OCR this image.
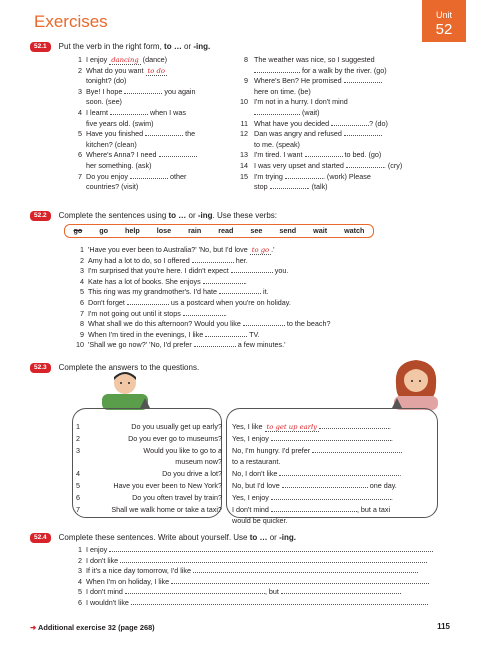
Exercises	Unit
52
52.1	Put the verb in the right form, to … or -ing.
1 I enjoy dancing (dance)
2 What do you want to do
tonight? (do)
3 Bye! I hope	you again
soon. (see)
4 I learnt	when I was
five years old. (swim)
5 Have you finished	the
kitchen? (clean)
6 Where's Anna? I need
her something. (ask)
7 Do you enjoy	other
countries? (visit)
8 The weather was nice, so I suggested
for a walk by the river. (go)
9 Where's Ben? He promised
here on time. (be)
10 I'm not in a hurry. I don't mind
(wait)
11 What have you decided	? (do)
12 Dan was angry and refused
to me. (speak)
13 I'm tired. I want	to bed. (go)
14 I was very upset and started	. (cry)
15 I'm trying	. (work) Please
stop	. (talk)
52.2	Complete the sentences using to … or -ing. Use these verbs:
go go help lose rain read see send wait watch
1 'Have you ever been to Australia?' 'No, but I'd love to go .'
2 Amy had a lot to do, so I offered	her.
3 I'm surprised that you're here. I didn't expect	you.
4 Kate has a lot of books. She enjoys	.
5 This ring was my grandmother's. I'd hate	it.
6 Don't forget	us a postcard when you're on holiday.
7 I'm not going out until it stops	.
8 What shall we do this afternoon? Would you like	to the beach?
9 When I'm tired in the evenings, I like	TV.
10 'Shall we go now?' 'No, I'd prefer	a few minutes.'
52.3	Complete the answers to the questions.
1	Do you usually get up early?
2	Do you ever go to museums?
3	Would you like to go to a
museum now?
4	Do you drive a lot?
5	Have you ever been to New York?
6	Do you often travel by train?
7	Shall we walk home or take a taxi?
Yes, I like to get up early	.
Yes, I enjoy	.
No, I'm hungry. I'd prefer
to a restaurant.
No, I don't like	.
No, but I'd love	one day.
Yes, I enjoy	.
I don't mind	, but a taxi
would be quicker.
52.4	Complete these sentences. Write about yourself. Use to … or -ing.
1 I enjoy
2 I don't like
3 If it's a nice day tomorrow, I'd like
4 When I'm on holiday, I like
5 I don't mind	, but
6 I wouldn't like
➜ Additional exercise 32 (page 268)	115
